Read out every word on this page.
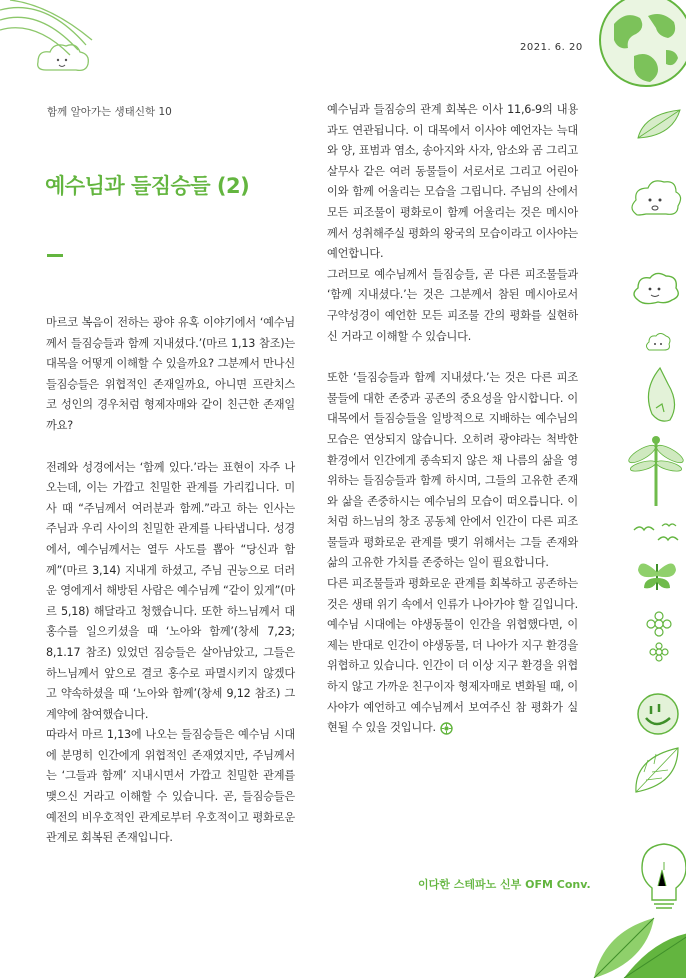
2021. 6. 20
함께 알아가는 생태신학 10
예수님과 들짐승들 (2)

마르코 복음이 전하는 광야 유혹 이야기에서 ‘예수님께서 들짐승들과 함께 지내셨다.’(마르 1,13 참조)는 대목을 어떻게 이해할 수 있을까요? 그분께서 만나신 들짐승들은 위협적인 존재일까요, 아니면 프란치스코 성인의 경우처럼 형제자매와 같이 친근한 존재일까요?

전례와 성경에서는 ‘함께 있다.’라는 표현이 자주 나오는데, 이는 가깝고 친밀한 관계를 가리킵니다. 미사 때 “주님께서 여러분과 함께.”라고 하는 인사는 주님과 우리 사이의 친밀한 관계를 나타냅니다. 성경에서, 예수님께서는 열두 사도를 뽑아 “당신과 함께”(마르 3,14) 지내게 하셨고, 주님 권능으로 더러운 영에게서 해방된 사람은 예수님께 “같이 있게”(마르 5,18) 해달라고 청했습니다. 또한 하느님께서 대홍수를 일으키셨을 때 ‘노아와 함께’(창세 7,23; 8,1.17 참조) 있었던 짐승들은 살아남았고, 그들은 하느님께서 앞으로 결코 홍수로 파멸시키지 않겠다고 약속하셨을 때 ‘노아와 함께’(창세 9,12 참조) 그 계약에 참여했습니다.

따라서 마르 1,13에 나오는 들짐승들은 예수님 시대에 분명히 인간에게 위협적인 존재였지만, 주님께서는 ‘그들과 함께’ 지내시면서 가깝고 친밀한 관계를 맺으신 거라고 이해할 수 있습니다. 곧, 들짐승들은 예전의 비우호적인 관계로부터 우호적이고 평화로운 관계로 회복된 존재입니다.

예수님과 들짐승의 관계 회복은 이사 11,6-9의 내용과도 연관됩니다. 이 대목에서 이사야 예언자는 늑대와 양, 표범과 염소, 송아지와 사자, 암소와 곰 그리고 살무사 같은 여러 동물들이 서로서로 그리고 어린아이와 함께 어울리는 모습을 그립니다. 주님의 산에서 모든 피조물이 평화로이 함께 어울리는 것은 메시아께서 성취해주실 평화의 왕국의 모습이라고 이사야는 예언합니다.

그러므로 예수님께서 들짐승들, 곧 다른 피조물들과 ‘함께 지내셨다.’는 것은 그분께서 참된 메시아로서 구약성경이 예언한 모든 피조물 간의 평화를 실현하신 거라고 이해할 수 있습니다.

또한 ‘들짐승들과 함께 지내셨다.’는 것은 다른 피조물들에 대한 존중과 공존의 중요성을 암시합니다. 이 대목에서 들짐승들을 일방적으로 지배하는 예수님의 모습은 연상되지 않습니다. 오히려 광야라는 척박한 환경에서 인간에게 종속되지 않은 채 나름의 삶을 영위하는 들짐승들과 함께 하시며, 그들의 고유한 존재와 삶을 존중하시는 예수님의 모습이 떠오릅니다. 이처럼 하느님의 창조 공동체 안에서 인간이 다른 피조물들과 평화로운 관계를 맺기 위해서는 그들 존재와 삶의 고유한 가치를 존중하는 일이 필요합니다.

다른 피조물들과 평화로운 관계를 회복하고 공존하는 것은 생태 위기 속에서 인류가 나아가야 할 길입니다. 예수님 시대에는 야생동물이 인간을 위협했다면, 이제는 반대로 인간이 야생동물, 더 나아가 지구 환경을 위협하고 있습니다. 인간이 더 이상 지구 환경을 위협하지 않고 가까운 친구이자 형제자매로 변화될 때, 이사야가 예언하고 예수님께서 보여주신 참 평화가 실현될 수 있을 것입니다.

이다한 스테파노 신부 OFM Conv.
